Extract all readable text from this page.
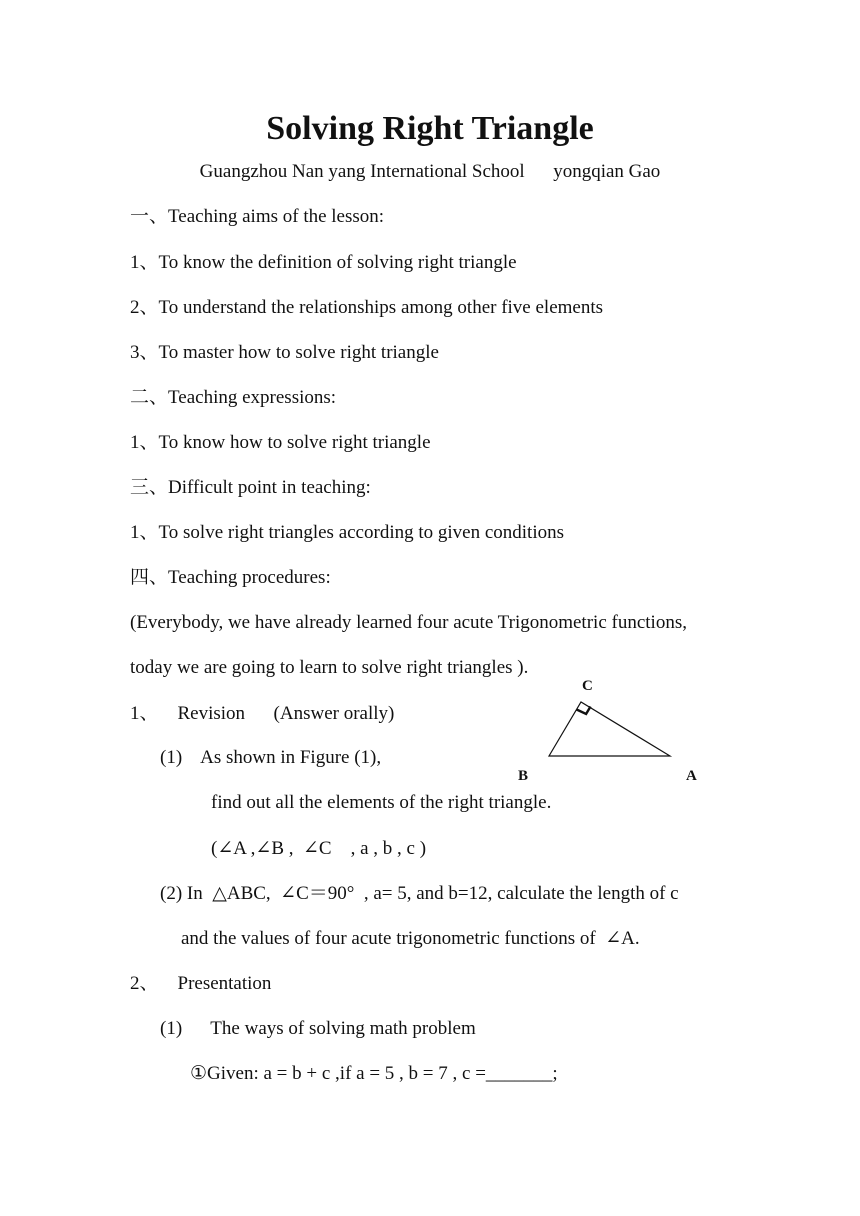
Solving Right Triangle
Guangzhou Nan yang International School      yongqian Gao
一、Teaching aims of the lesson:
1、To know the definition of solving right triangle
2、To understand the relationships among other five elements
3、To master how to solve right triangle
二、Teaching expressions:
1、To know how to solve right triangle
三、Difficult point in teaching:
1、To solve right triangles according to given conditions
四、Teaching procedures:
(Everybody, we have already learned four acute Trigonometric functions,
today we are going to learn to solve right triangles ).
1、    Revision      (Answer orally)
(1)    As shown in Figure (1),
find out all the elements of the right triangle.
(∠A ,∠B ,  ∠C    , a , b , c )
(2) In  △ABC,  ∠C＝90°  , a= 5, and b=12, calculate the length of c
and the values of four acute trigonometric functions of  ∠A.
2、    Presentation
(1)      The ways of solving math problem
①Given: a = b + c ,if a = 5 , b = 7 , c =_______;
C
B	A
